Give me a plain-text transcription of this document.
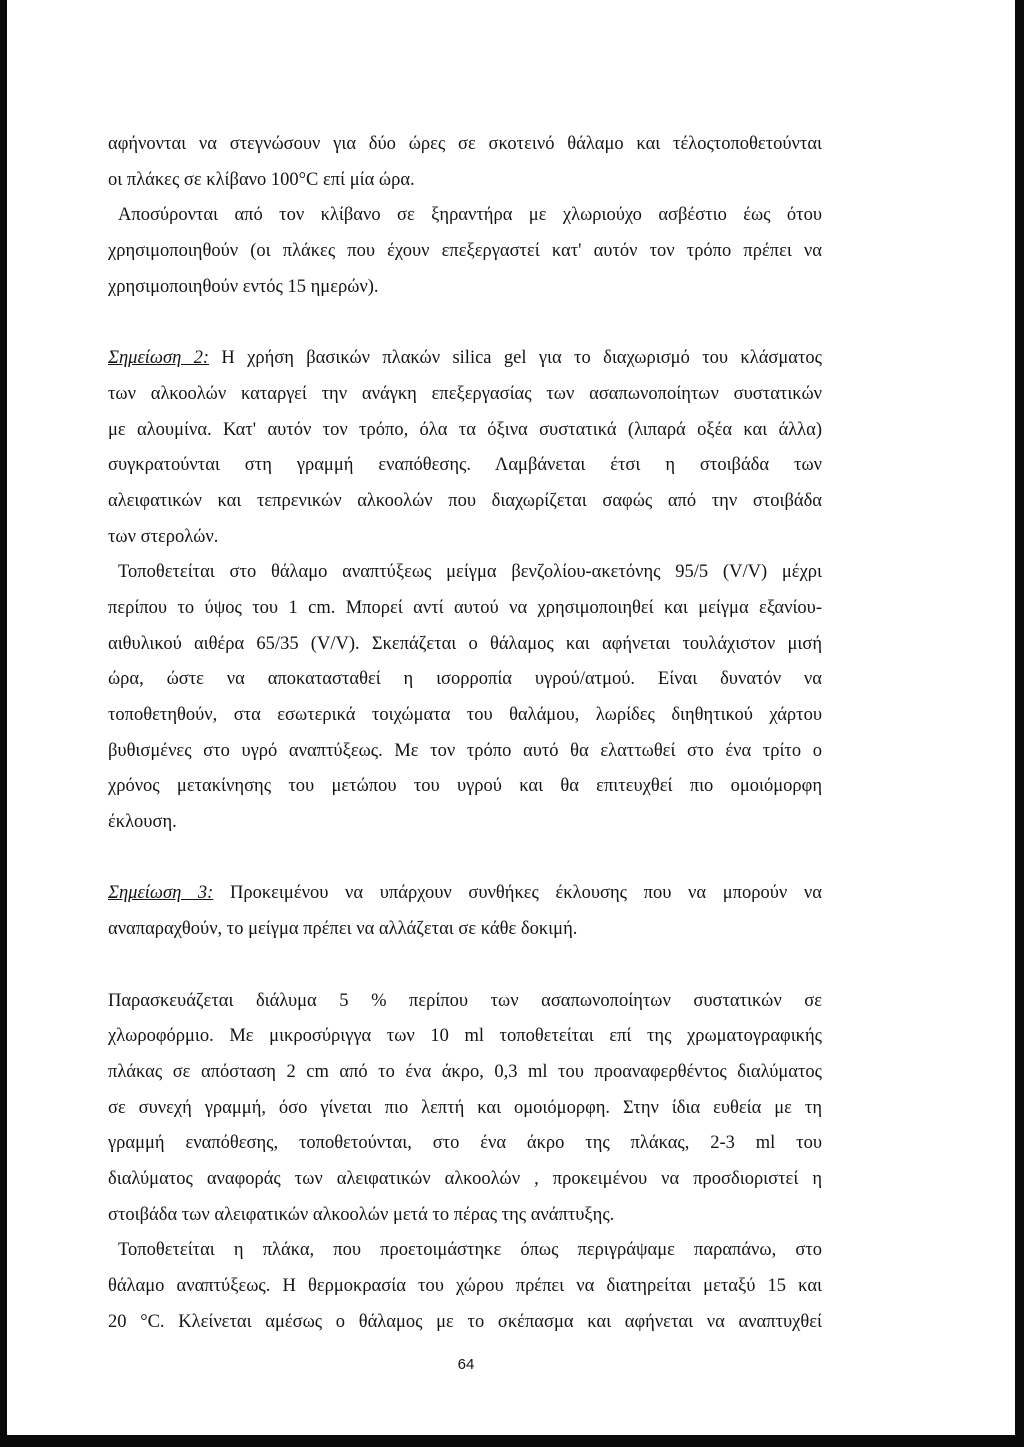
αφήνονται να στεγνώσουν για δύο ώρες σε σκοτεινό θάλαμο και τέλοςτοποθετούνται
οι πλάκες σε κλίβανο 100°C επί μία ώρα.
Αποσύρονται από τον κλίβανο σε ξηραντήρα με χλωριούχο ασβέστιο έως ότου
χρησιμοποιηθούν (οι πλάκες που έχουν επεξεργαστεί κατ' αυτόν τον τρόπο πρέπει να
χρησιμοποιηθούν εντός 15 ημερών).
Σημείωση 2: Η χρήση βασικών πλακών silica gel για το διαχωρισμό του κλάσματος
των αλκοολών καταργεί την ανάγκη επεξεργασίας των ασαπωνοποίητων συστατικών
με αλουμίνα. Κατ' αυτόν τον τρόπο, όλα τα όξινα συστατικά (λιπαρά οξέα και άλλα)
συγκρατούνται στη γραμμή εναπόθεσης. Λαμβάνεται έτσι η στοιβάδα των
αλειφατικών και τεπρενικών αλκοολών που διαχωρίζεται σαφώς από την στοιβάδα
των στερολών.
Τοποθετείται στο θάλαμο αναπτύξεως μείγμα βενζολίου-ακετόνης 95/5 (V/V) μέχρι
περίπου το ύψος του 1 cm. Μπορεί αντί αυτού να χρησιμοποιηθεί και μείγμα εξανίου-
αιθυλικού αιθέρα 65/35 (V/V). Σκεπάζεται ο θάλαμος και αφήνεται τουλάχιστον μισή
ώρα, ώστε να αποκατασταθεί η ισορροπία υγρού/ατμού. Είναι δυνατόν να
τοποθετηθούν, στα εσωτερικά τοιχώματα του θαλάμου, λωρίδες διηθητικού χάρτου
βυθισμένες στο υγρό αναπτύξεως. Με τον τρόπο αυτό θα ελαττωθεί στο ένα τρίτο ο
χρόνος μετακίνησης του μετώπου του υγρού και θα επιτευχθεί πιο ομοιόμορφη
έκλουση.
Σημείωση 3: Προκειμένου να υπάρχουν συνθήκες έκλουσης που να μπορούν να
αναπαραχθούν, το μείγμα πρέπει να αλλάζεται σε κάθε δοκιμή.
Παρασκευάζεται διάλυμα 5 % περίπου των ασαπωνοποίητων συστατικών σε
χλωροφόρμιο. Με μικροσύριγγα των 10 ml τοποθετείται επί της χρωματογραφικής
πλάκας σε απόσταση 2 cm από το ένα άκρο, 0,3 ml του προαναφερθέντος διαλύματος
σε συνεχή γραμμή, όσο γίνεται πιο λεπτή και ομοιόμορφη. Στην ίδια ευθεία με τη
γραμμή εναπόθεσης, τοποθετούνται, στο ένα άκρο της πλάκας, 2-3 ml του
διαλύματος αναφοράς των αλειφατικών αλκοολών , προκειμένου να προσδιοριστεί η
στοιβάδα των αλειφατικών αλκοολών μετά το πέρας της ανάπτυξης.
Τοποθετείται η πλάκα, που προετοιμάστηκε όπως περιγράψαμε παραπάνω, στο
θάλαμο αναπτύξεως. Η θερμοκρασία του χώρου πρέπει να διατηρείται μεταξύ 15 και
20 °C. Κλείνεται αμέσως ο θάλαμος με το σκέπασμα και αφήνεται να αναπτυχθεί
64
